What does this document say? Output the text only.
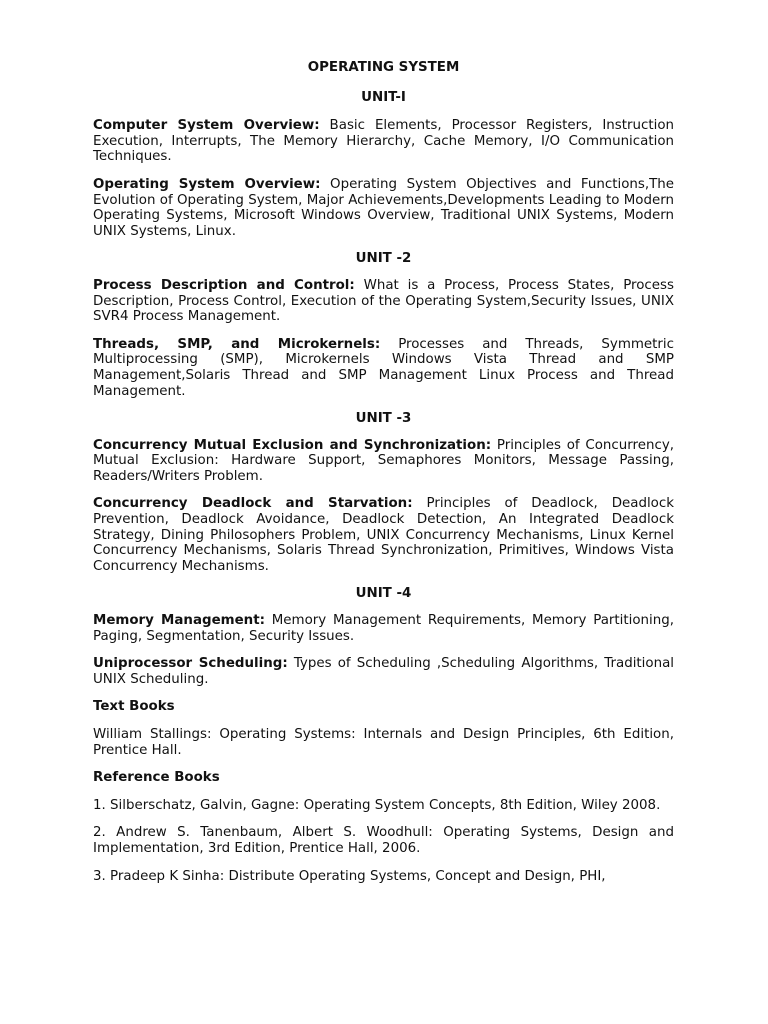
OPERATING SYSTEM

UNIT-I

Computer System Overview: Basic Elements, Processor Registers, Instruction Execution, Interrupts, The Memory Hierarchy, Cache Memory, I/O Communication Techniques.

Operating System Overview: Operating System Objectives and Functions,The Evolution of Operating System, Major Achievements,Developments Leading to Modern Operating Systems, Microsoft Windows Overview, Traditional UNIX Systems, Modern UNIX Systems, Linux.

UNIT -2

Process Description and Control: What is a Process, Process States, Process Description, Process Control, Execution of the Operating System,Security Issues, UNIX SVR4 Process Management.

Threads, SMP, and Microkernels: Processes and Threads, Symmetric Multiprocessing (SMP), Microkernels Windows Vista Thread and SMP Management,Solaris Thread and SMP Management Linux Process and Thread Management.

UNIT -3

Concurrency Mutual Exclusion and Synchronization: Principles of Concurrency, Mutual Exclusion: Hardware Support, Semaphores Monitors, Message Passing, Readers/Writers Problem.

Concurrency Deadlock and Starvation: Principles of Deadlock, Deadlock Prevention, Deadlock Avoidance, Deadlock Detection, An Integrated Deadlock Strategy, Dining Philosophers Problem, UNIX Concurrency Mechanisms, Linux Kernel Concurrency Mechanisms, Solaris Thread Synchronization, Primitives, Windows Vista Concurrency Mechanisms.

UNIT -4

Memory Management: Memory Management Requirements, Memory Partitioning, Paging, Segmentation, Security Issues.

Uniprocessor Scheduling: Types of Scheduling ,Scheduling Algorithms, Traditional UNIX Scheduling.

Text Books

William Stallings: Operating Systems: Internals and Design Principles, 6th Edition, Prentice Hall.

Reference Books

1. Silberschatz, Galvin, Gagne: Operating System Concepts, 8th Edition, Wiley 2008.

2. Andrew S. Tanenbaum, Albert S. Woodhull: Operating Systems, Design and Implementation, 3rd Edition, Prentice Hall, 2006.

3. Pradeep K Sinha: Distribute Operating Systems, Concept and Design, PHI,
